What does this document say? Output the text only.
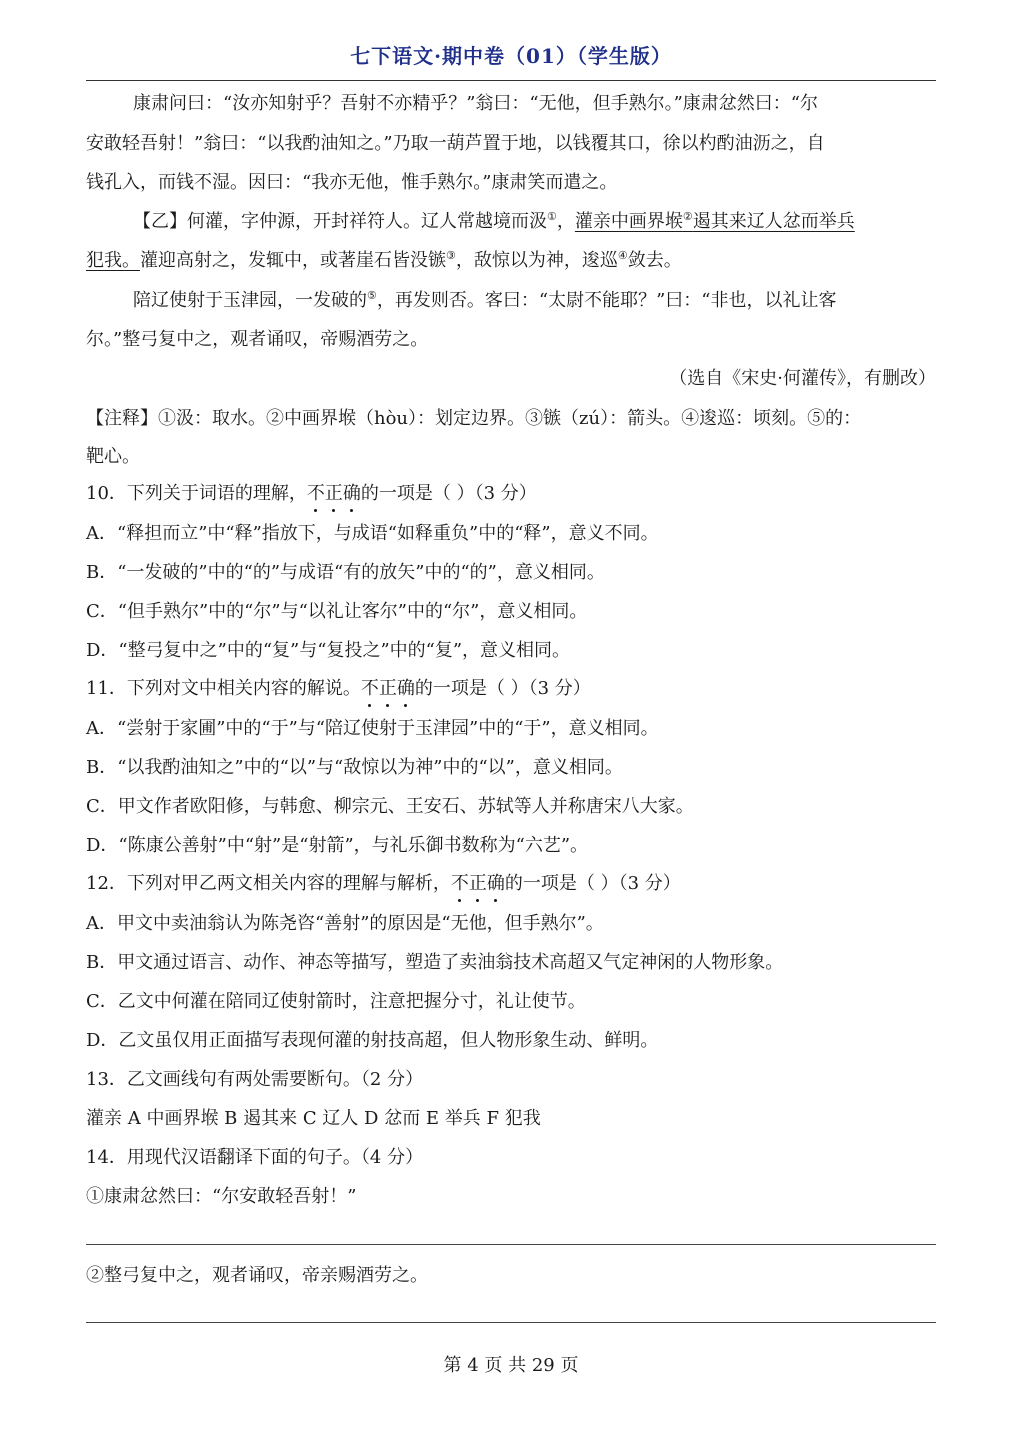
七下语文·期中卷（01）（学生版）
康肃问曰：“汝亦知射乎？吾射不亦精乎？”翁曰：“无他，但手熟尔。”康肃忿然曰：“尔
安敢轻吾射！”翁曰：“以我酌油知之。”乃取一葫芦置于地，以钱覆其口，徐以杓酌油沥之，自
钱孔入，而钱不湿。因曰：“我亦无他，惟手熟尔。”康肃笑而遣之。
【乙】何灌，字仲源，开封祥符人。辽人常越境而汲①，灌亲中画界堠②遏其来辽人忿而举兵
犯我。灌迎高射之，发辄中，或著崖石皆没镞③，敌惊以为神，逡巡④敛去。
陪辽使射于玉津园，一发破的⑤，再发则否。客曰：“太尉不能耶？”曰：“非也，以礼让客
尔。”整弓复中之，观者诵叹，帝赐酒劳之。
（选自《宋史·何灌传》，有删改）
【注释】①汲：取水。②中画界堠（hòu）：划定边界。③镞（zú）：箭头。④逡巡：顷刻。⑤的：
靶心。
10．下列关于词语的理解，不正确的一项是（ ）（3 分）
A．“释担而立”中“释”指放下，与成语“如释重负”中的“释”，意义不同。
B．“一发破的”中的“的”与成语“有的放矢”中的“的”，意义相同。
C．“但手熟尔”中的“尔”与“以礼让客尔”中的“尔”，意义相同。
D．“整弓复中之”中的“复”与“复投之”中的“复”，意义相同。
11．下列对文中相关内容的解说。不正确的一项是（ ）（3 分）
A．“尝射于家圃”中的“于”与“陪辽使射于玉津园”中的“于”，意义相同。
B．“以我酌油知之”中的“以”与“敌惊以为神”中的“以”，意义相同。
C．甲文作者欧阳修，与韩愈、柳宗元、王安石、苏轼等人并称唐宋八大家。
D．“陈康公善射”中“射”是“射箭”，与礼乐御书数称为“六艺”。
12．下列对甲乙两文相关内容的理解与解析，不正确的一项是（ ）（3 分）
A．甲文中卖油翁认为陈尧咨“善射”的原因是“无他，但手熟尔”。
B．甲文通过语言、动作、神态等描写，塑造了卖油翁技术高超又气定神闲的人物形象。
C．乙文中何灌在陪同辽使射箭时，注意把握分寸，礼让使节。
D．乙文虽仅用正面描写表现何灌的射技高超，但人物形象生动、鲜明。
13．乙文画线句有两处需要断句。（2 分）
灌亲 A 中画界堠 B 遏其来 C 辽人 D 忿而 E 举兵 F 犯我
14．用现代汉语翻译下面的句子。（4 分）
①康肃忿然曰：“尔安敢轻吾射！”
②整弓复中之，观者诵叹，帝亲赐酒劳之。
第 4 页 共 29 页
